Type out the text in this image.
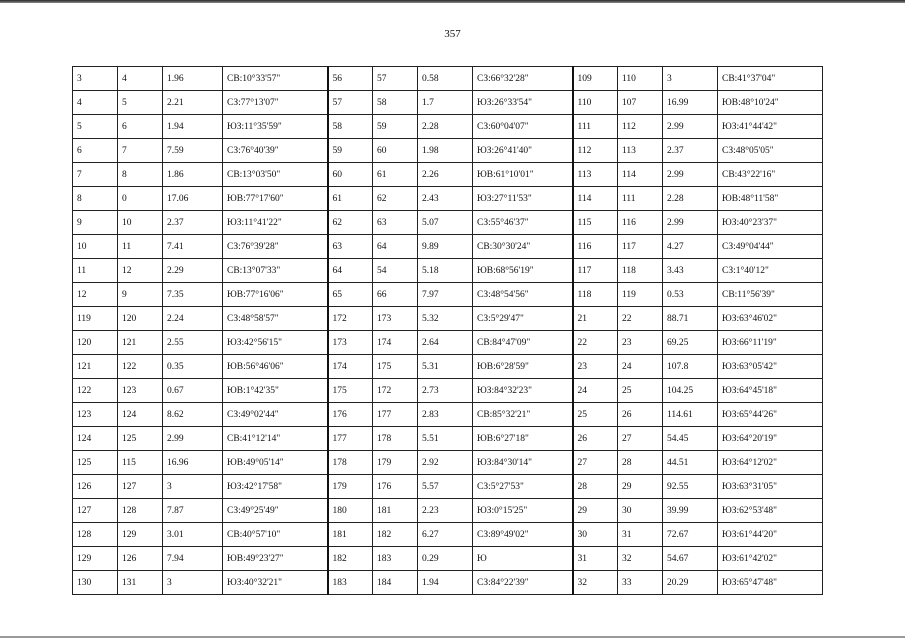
357
3	4	1.96	СВ:10°33'57"	56	57	0.58	СЗ:66°32'28"	109	110	3	СВ:41°37'04"
4	5	2.21	СЗ:77°13'07"	57	58	1.7	ЮЗ:26°33'54"	110	107	16.99	ЮВ:48°10'24"
5	6	1.94	ЮЗ:11°35'59"	58	59	2.28	СЗ:60°04'07"	111	112	2.99	ЮЗ:41°44'42"
6	7	7.59	СЗ:76°40'39"	59	60	1.98	ЮЗ:26°41'40"	112	113	2.37	СЗ:48°05'05"
7	8	1.86	СВ:13°03'50"	60	61	2.26	ЮВ:61°10'01"	113	114	2.99	СВ:43°22'16"
8	0	17.06	ЮВ:77°17'60"	61	62	2.43	ЮЗ:27°11'53"	114	111	2.28	ЮВ:48°11'58"
9	10	2.37	ЮЗ:11°41'22"	62	63	5.07	СЗ:55°46'37"	115	116	2.99	ЮЗ:40°23'37"
10	11	7.41	СЗ:76°39'28"	63	64	9.89	СВ:30°30'24"	116	117	4.27	СЗ:49°04'44"
11	12	2.29	СВ:13°07'33"	64	54	5.18	ЮВ:68°56'19"	117	118	3.43	СЗ:1°40'12"
12	9	7.35	ЮВ:77°16'06"	65	66	7.97	СЗ:48°54'56"	118	119	0.53	СВ:11°56'39"
119	120	2.24	СЗ:48°58'57"	172	173	5.32	СЗ:5°29'47"	21	22	88.71	ЮЗ:63°46'02"
120	121	2.55	ЮЗ:42°56'15"	173	174	2.64	СВ:84°47'09"	22	23	69.25	ЮЗ:66°11'19"
121	122	0.35	ЮВ:56°46'06"	174	175	5.31	ЮВ:6°28'59"	23	24	107.8	ЮЗ:63°05'42"
122	123	0.67	ЮВ:1°42'35"	175	172	2.73	ЮЗ:84°32'23"	24	25	104.25	ЮЗ:64°45'18"
123	124	8.62	СЗ:49°02'44"	176	177	2.83	СВ:85°32'21"	25	26	114.61	ЮЗ:65°44'26"
124	125	2.99	СВ:41°12'14"	177	178	5.51	ЮВ:6°27'18"	26	27	54.45	ЮЗ:64°20'19"
125	115	16.96	ЮВ:49°05'14"	178	179	2.92	ЮЗ:84°30'14"	27	28	44.51	ЮЗ:64°12'02"
126	127	3	ЮЗ:42°17'58"	179	176	5.57	СЗ:5°27'53"	28	29	92.55	ЮЗ:63°31'05"
127	128	7.87	СЗ:49°25'49"	180	181	2.23	ЮЗ:0°15'25"	29	30	39.99	ЮЗ:62°53'48"
128	129	3.01	СВ:40°57'10"	181	182	6.27	СЗ:89°49'02"	30	31	72.67	ЮЗ:61°44'20"
129	126	7.94	ЮВ:49°23'27"	182	183	0.29	Ю	31	32	54.67	ЮЗ:61°42'02"
130	131	3	ЮЗ:40°32'21"	183	184	1.94	СЗ:84°22'39"	32	33	20.29	ЮЗ:65°47'48"
